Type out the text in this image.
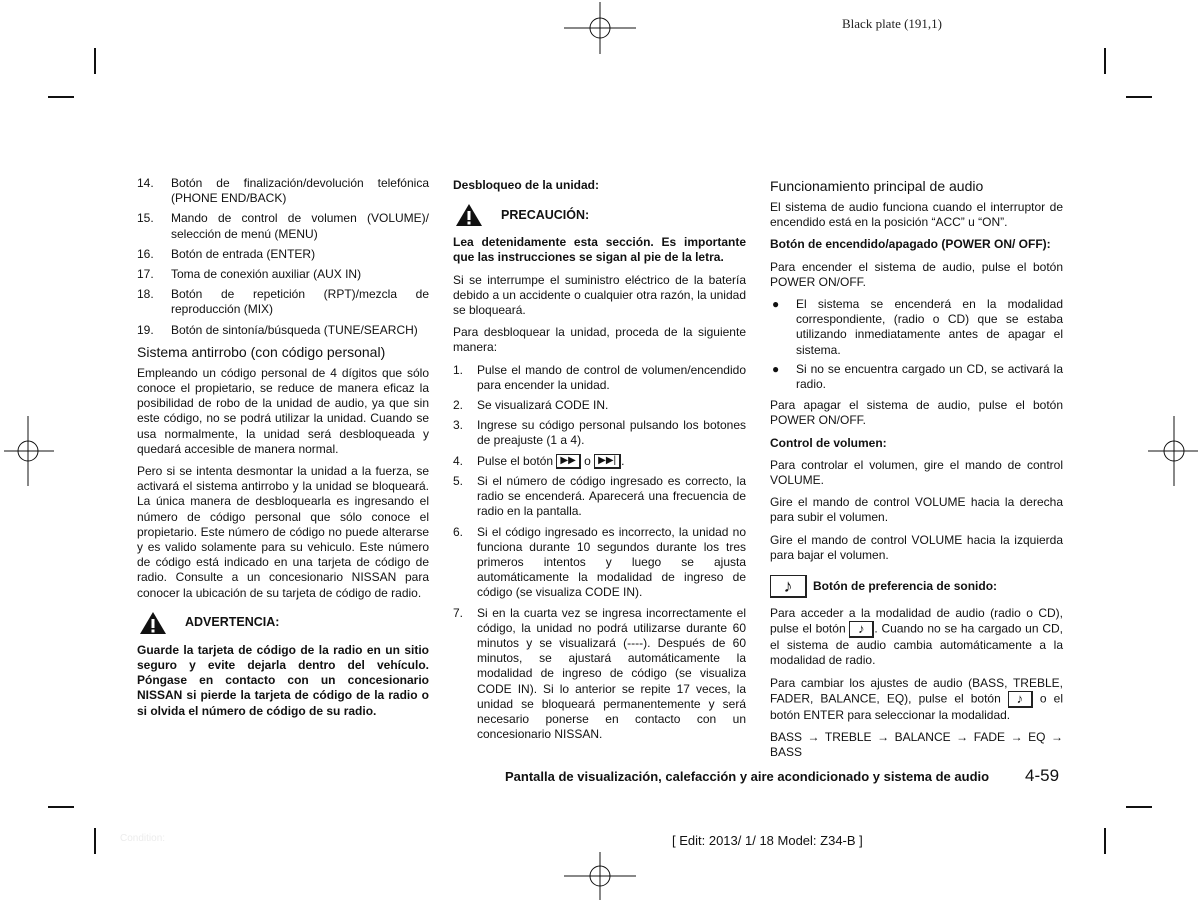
Black plate (191,1)
14.	Botón de finalización/devolución telefónica (PHONE END/BACK)
15.	Mando de control de volumen (VOLUME)/ selección de menú (MENU)
16.	Botón de entrada (ENTER)
17.	Toma de conexión auxiliar (AUX IN)
18.	Botón de repetición (RPT)/mezcla de reproducción (MIX)
19.	Botón de sintonía/búsqueda (TUNE/SEARCH)
Sistema antirrobo (con código personal)

Empleando un código personal de 4 dígitos que sólo conoce el propietario, se reduce de manera eficaz la posibilidad de robo de la unidad de audio, ya que sin este código, no se podrá utilizar la unidad. Cuando se usa normalmente, la unidad será desbloqueada y quedará accesible de manera normal.

Pero si se intenta desmontar la unidad a la fuerza, se activará el sistema antirrobo y la unidad se bloqueará. La única manera de desbloquearla es ingresando el número de código personal que sólo conoce el propietario. Este número de código no puede alterarse y es valido solamente para su vehiculo. Este número de código está indicado en una tarjeta de código de radio. Consulte a un concesionario NISSAN para conocer la ubicación de su tarjeta de código de radio.

ADVERTENCIA:

Guarde la tarjeta de código de la radio en un sitio seguro y evite dejarla dentro del vehículo. Póngase en contacto con un concesionario NISSAN si pierde la tarjeta de código de la radio o si olvida el número de código de su radio.

Desbloqueo de la unidad:

PRECAUCIÓN:

Lea detenidamente esta sección. Es importante que las instrucciones se sigan al pie de la letra.

Si se interrumpe el suministro eléctrico de la batería debido a un accidente o cualquier otra razón, la unidad se bloqueará.

Para desbloquear la unidad, proceda de la siguiente manera:

1.	Pulse el mando de control de volumen/encendido para encender la unidad.
2.	Se visualizará CODE IN.
3.	Ingrese su código personal pulsando los botones de preajuste (1 a 4).
4.	Pulse el botón ▶▶ o ▶▶| .
5.	Si el número de código ingresado es correcto, la radio se encenderá. Aparecerá una frecuencia de radio en la pantalla.
6.	Si el código ingresado es incorrecto, la unidad no funciona durante 10 segundos durante los tres primeros intentos y luego se ajusta automáticamente la modalidad de ingreso de código (se visualiza CODE IN).
7.	Si en la cuarta vez se ingresa incorrectamente el código, la unidad no podrá utilizarse durante 60 minutos y se visualizará (----). Después de 60 minutos, se ajustará automáticamente la modalidad de ingreso de código (se visualiza CODE IN). Si lo anterior se repite 17 veces, la unidad se bloqueará permanentemente y será necesario ponerse en contacto con un concesionario NISSAN.
Funcionamiento principal de audio

El sistema de audio funciona cuando el interruptor de encendido está en la posición “ACC” u “ON”.

Botón de encendido/apagado (POWER ON/ OFF):

Para encender el sistema de audio, pulse el botón POWER ON/OFF.

●	El sistema se encenderá en la modalidad correspondiente, (radio o CD) que se estaba utilizando inmediatamente antes de apagar el sistema.
●	Si no se encuentra cargado un CD, se activará la radio.

Para apagar el sistema de audio, pulse el botón POWER ON/OFF.

Control de volumen:

Para controlar el volumen, gire el mando de control VOLUME.

Gire el mando de control VOLUME hacia la derecha para subir el volumen.

Gire el mando de control VOLUME hacia la izquierda para bajar el volumen.

♪	Botón de preferencia de sonido:

Para acceder a la modalidad de audio (radio o CD), pulse el botón ♪ . Cuando no se ha cargado un CD, el sistema de audio cambia automáticamente a la modalidad de radio.

Para cambiar los ajustes de audio (BASS, TREBLE, FADER, BALANCE, EQ), pulse el botón ♪ o el botón ENTER para seleccionar la modalidad.

BASS → TREBLE → BALANCE → FADE → EQ → BASS

Pantalla de visualización, calefacción y aire acondicionado y sistema de audio 4-59
[ Edit: 2013/ 1/ 18 Model: Z34-B ]
Condition:
